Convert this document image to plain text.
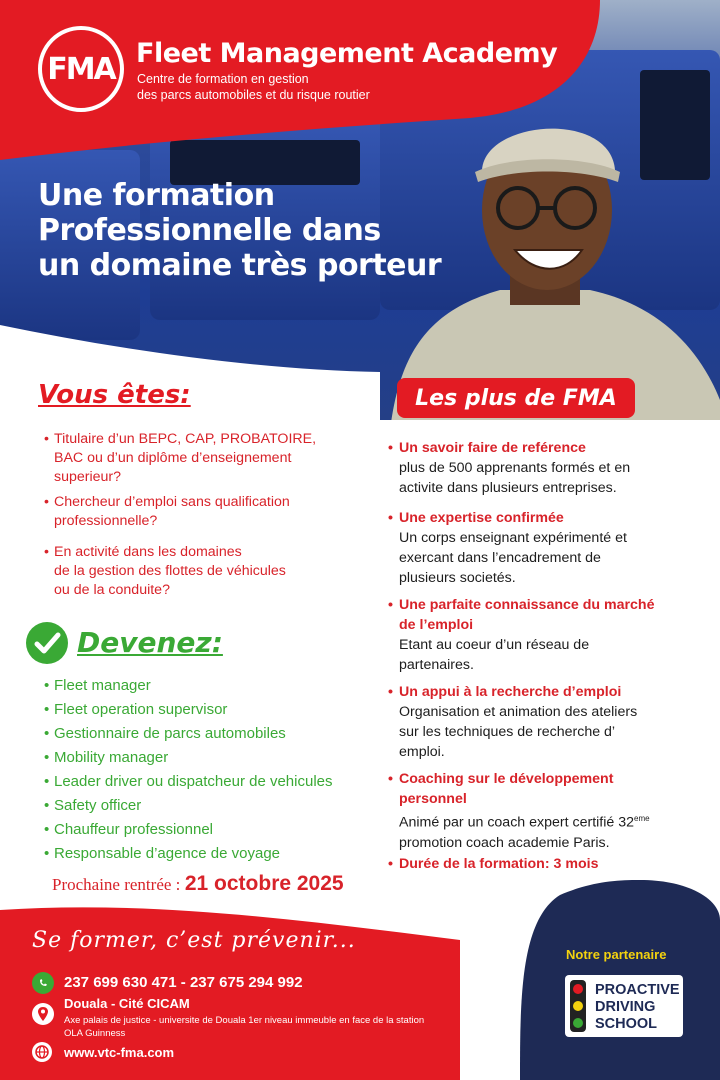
FMA Fleet Management Academy
Centre de formation en gestion
des parcs automobiles et du risque routier
Une formation
Professionnelle dans
un domaine très porteur
Vous êtes:
• Titulaire d’un BEPC, CAP, PROBATOIRE,
BAC ou d’un diplôme d’enseignement
superieur?
• Chercheur d’emploi sans qualification
professionnelle?
• En activité dans les domaines
de la gestion des flottes de véhicules
ou de la conduite?
Devenez:
• Fleet manager
• Fleet operation supervisor
• Gestionnaire de parcs automobiles
• Mobility manager
• Leader driver ou dispatcheur de vehicules
• Safety officer
• Chauffeur professionnel
• Responsable d’agence de voyage
Prochaine rentrée : 21 octobre 2025
Les plus de FMA
• Un savoir faire de reférence
plus de 500 apprenants formés et en
activite dans plusieurs entreprises.
• Une expertise confirmée
Un corps enseignant expérimenté et
exercant dans l’encadrement de
plusieurs societés.
• Une parfaite connaissance du marché
de l’emploi
Etant au coeur d’un réseau de
partenaires.
• Un appui à la recherche d’emploi
Organisation et animation des ateliers
sur les techniques de recherche d’
emploi.
• Coaching sur le développement
personnel
Animé par un coach expert certifié 32eme
promotion coach academie Paris.
• Durée de la formation: 3 mois
Se former, c’est prévenir...
237 699 630 471 - 237 675 294 992
Douala - Cité CICAM
Axe palais de justice - universite de Douala 1er niveau immeuble en face de la station
OLA Guinness
www.vtc-fma.com
Notre partenaire
PROACTIVE
DRIVING
SCHOOL
